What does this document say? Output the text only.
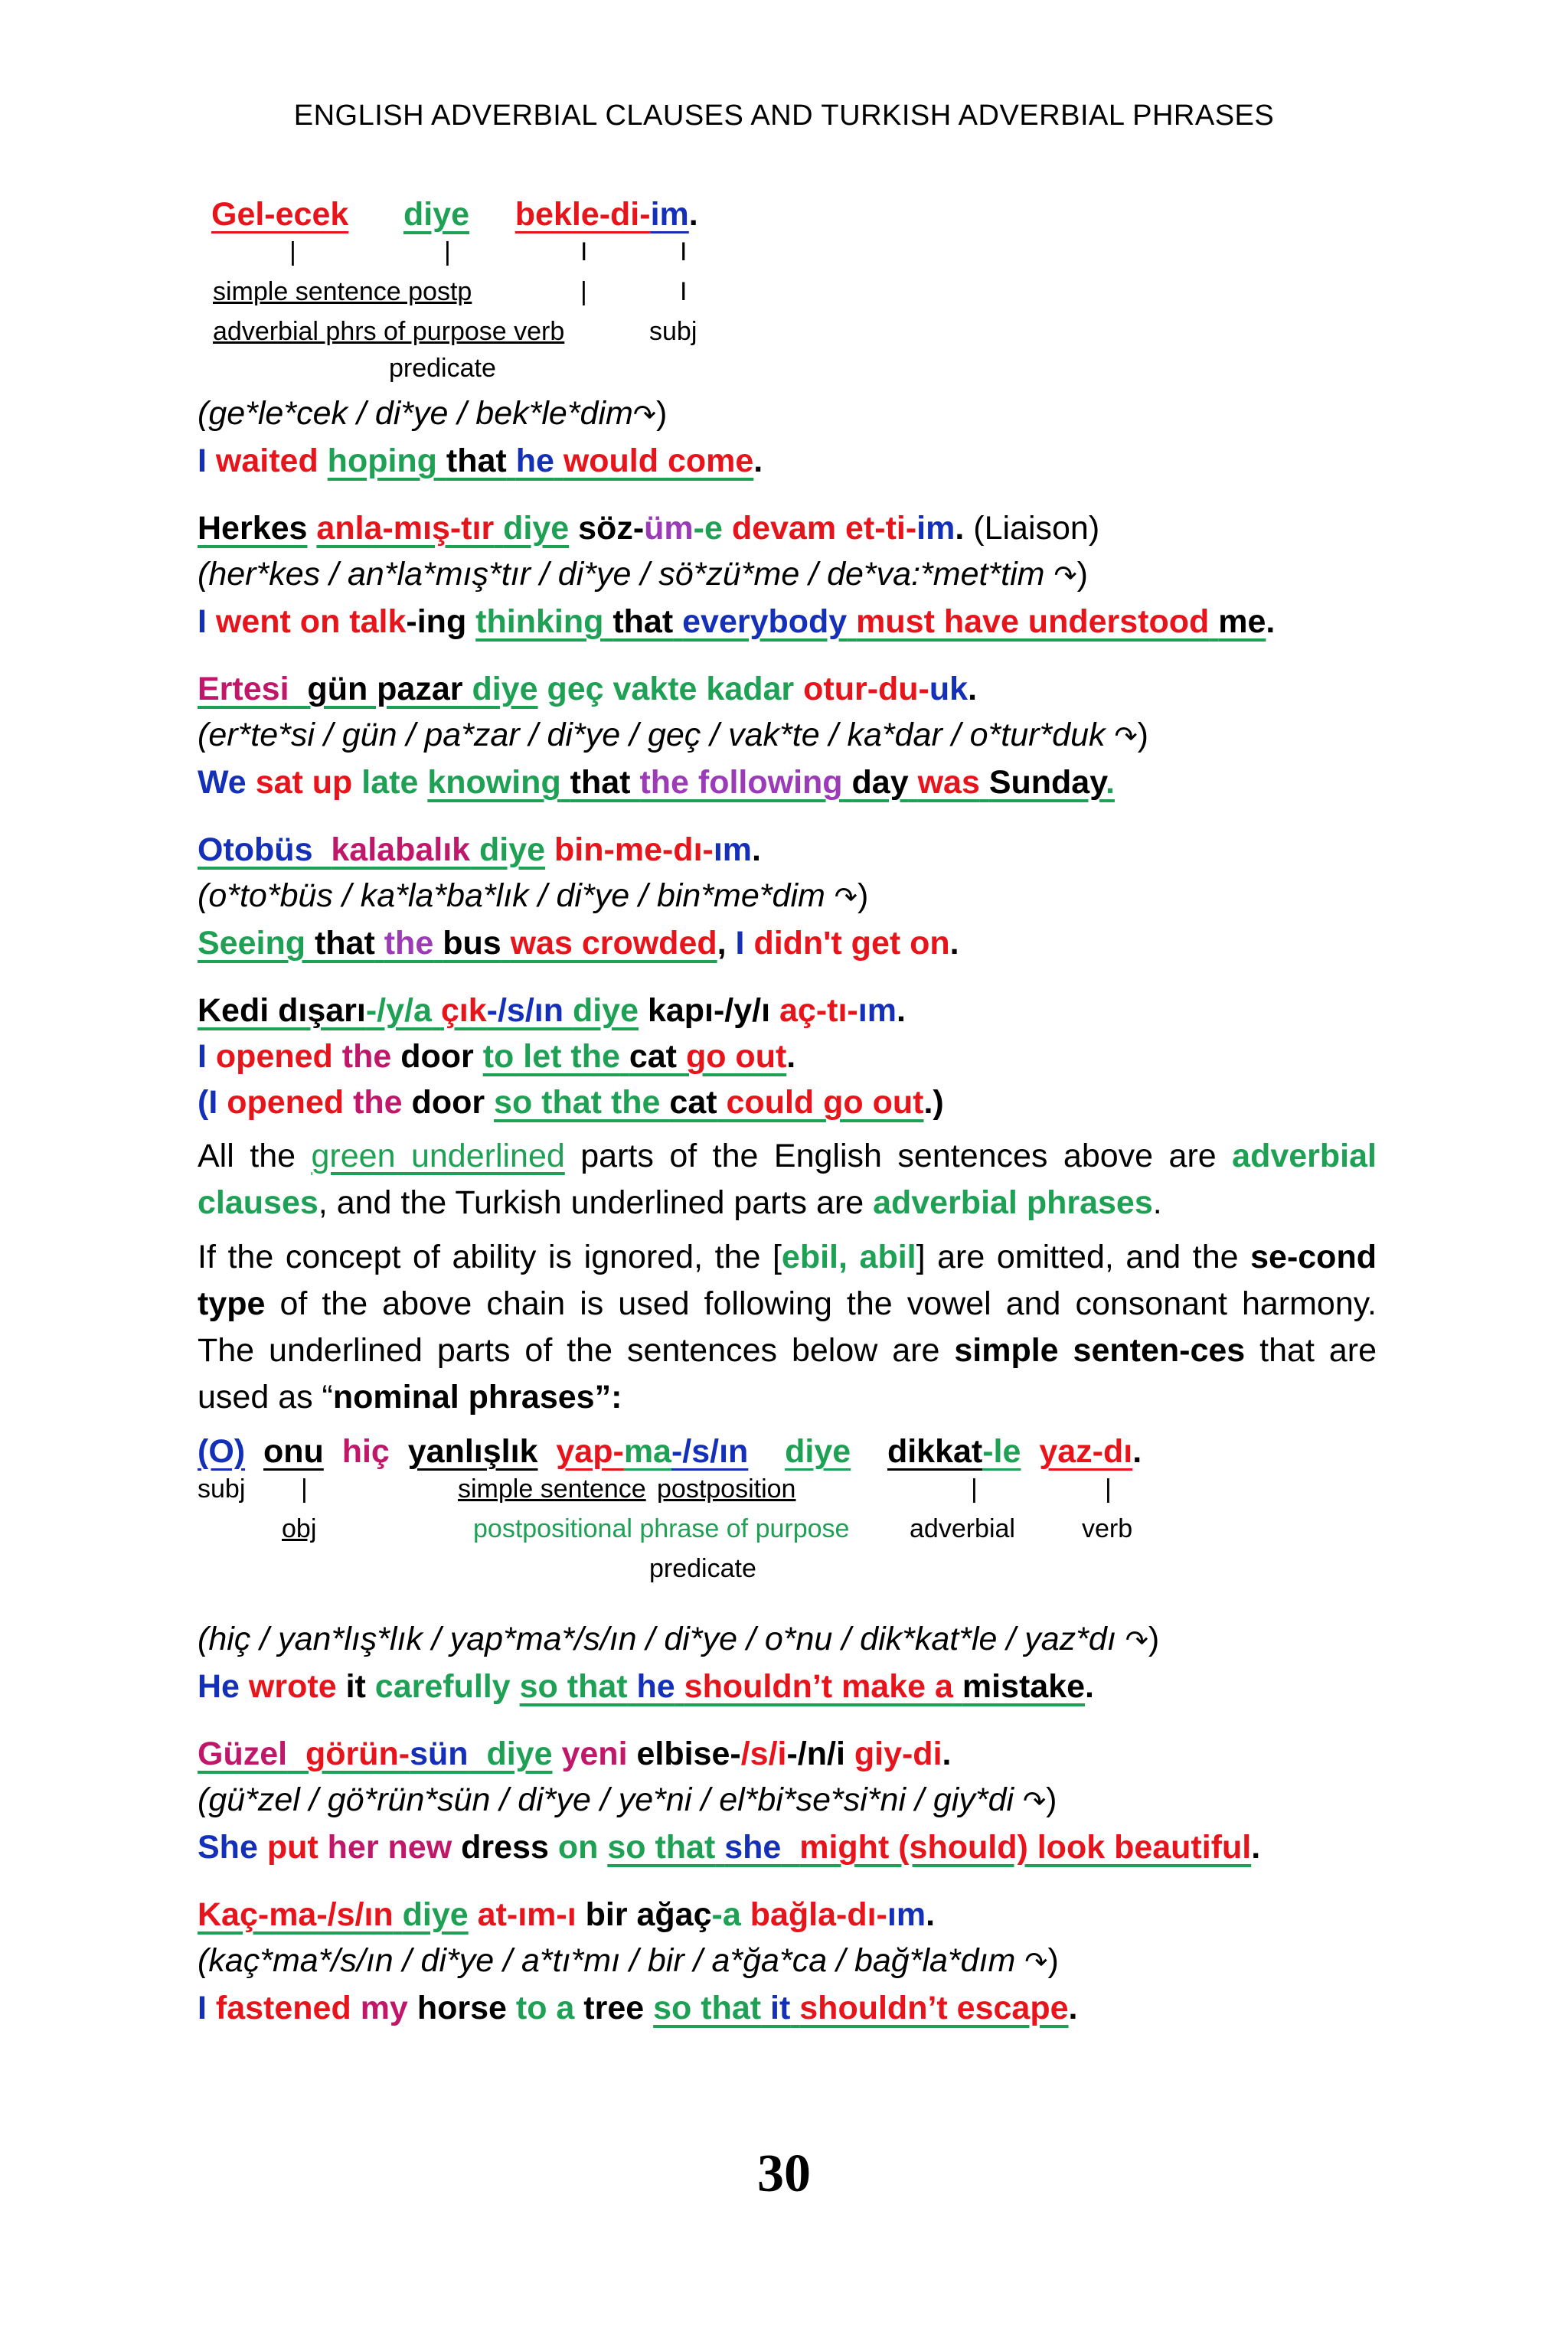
ENGLISH ADVERBIAL CLAUSES AND TURKISH ADVERBIAL PHRASES
Gel-ecek diye bekle-di-im.
|	|	I	I
simple sentence postp	|	I
adverbial phrs of purpose verb	subj
predicate
(ge*le*cek / di*ye / bek*le*dim↷)
I waited hoping that he would come.
Herkes anla-mış-tır diye söz-üm-e devam et-ti-im. (Liaison)
(her*kes / an*la*mış*tır / di*ye / sö*zü*me / de*va:*met*tim ↷)
I went on talk-ing thinking that everybody must have understood me.
Ertesi gün pazar diye geç vakte kadar otur-du-uk.
(er*te*si / gün / pa*zar / di*ye / geç / vak*te / ka*dar / o*tur*duk ↷)
We sat up late knowing that the following day was Sunday.
Otobüs kalabalık diye bin-me-dı-ım.
(o*to*büs / ka*la*ba*lık / di*ye / bin*me*dim ↷)
Seeing that the bus was crowded, I didn't get on.
Kedi dışarı-/y/a çık-/s/ın diye kapı-/y/ı aç-tı-ım.
I opened the door to let the cat go out.
(I opened the door so that the cat could go out.)
All the green underlined parts of the English sentences above are adverbial clauses, and the Turkish underlined parts are adverbial phrases.
If the concept of ability is ignored, the [ebil, abil] are omitted, and the se-cond type of the above chain is used following the vowel and consonant harmony. The underlined parts of the sentences below are simple senten-ces that are used as “nominal phrases”:
(O) onu hiç yanlışlık yap-ma-/s/ın diye dikkat-le yaz-dı.
subj |	simple sentence postposition	|	|
obj	postpositional phrase of purpose adverbial	verb
predicate
(hiç / yan*lış*lık / yap*ma*/s/ın / di*ye / o*nu / dik*kat*le / yaz*dı ↷)
He wrote it carefully so that he shouldn’t make a mistake.
Güzel görün-sün diye yeni elbise-/s/i-/n/i giy-di.
(gü*zel / gö*rün*sün / di*ye / ye*ni / el*bi*se*si*ni / giy*di ↷)
She put her new dress on so that she might (should) look beautiful.
Kaç-ma-/s/ın diye at-ım-ı bir ağaç-a bağla-dı-ım.
(kaç*ma*/s/ın / di*ye / a*tı*mı / bir / a*ğa*ca / bağ*la*dım ↷)
I fastened my horse to a tree so that it shouldn’t escape.
30
